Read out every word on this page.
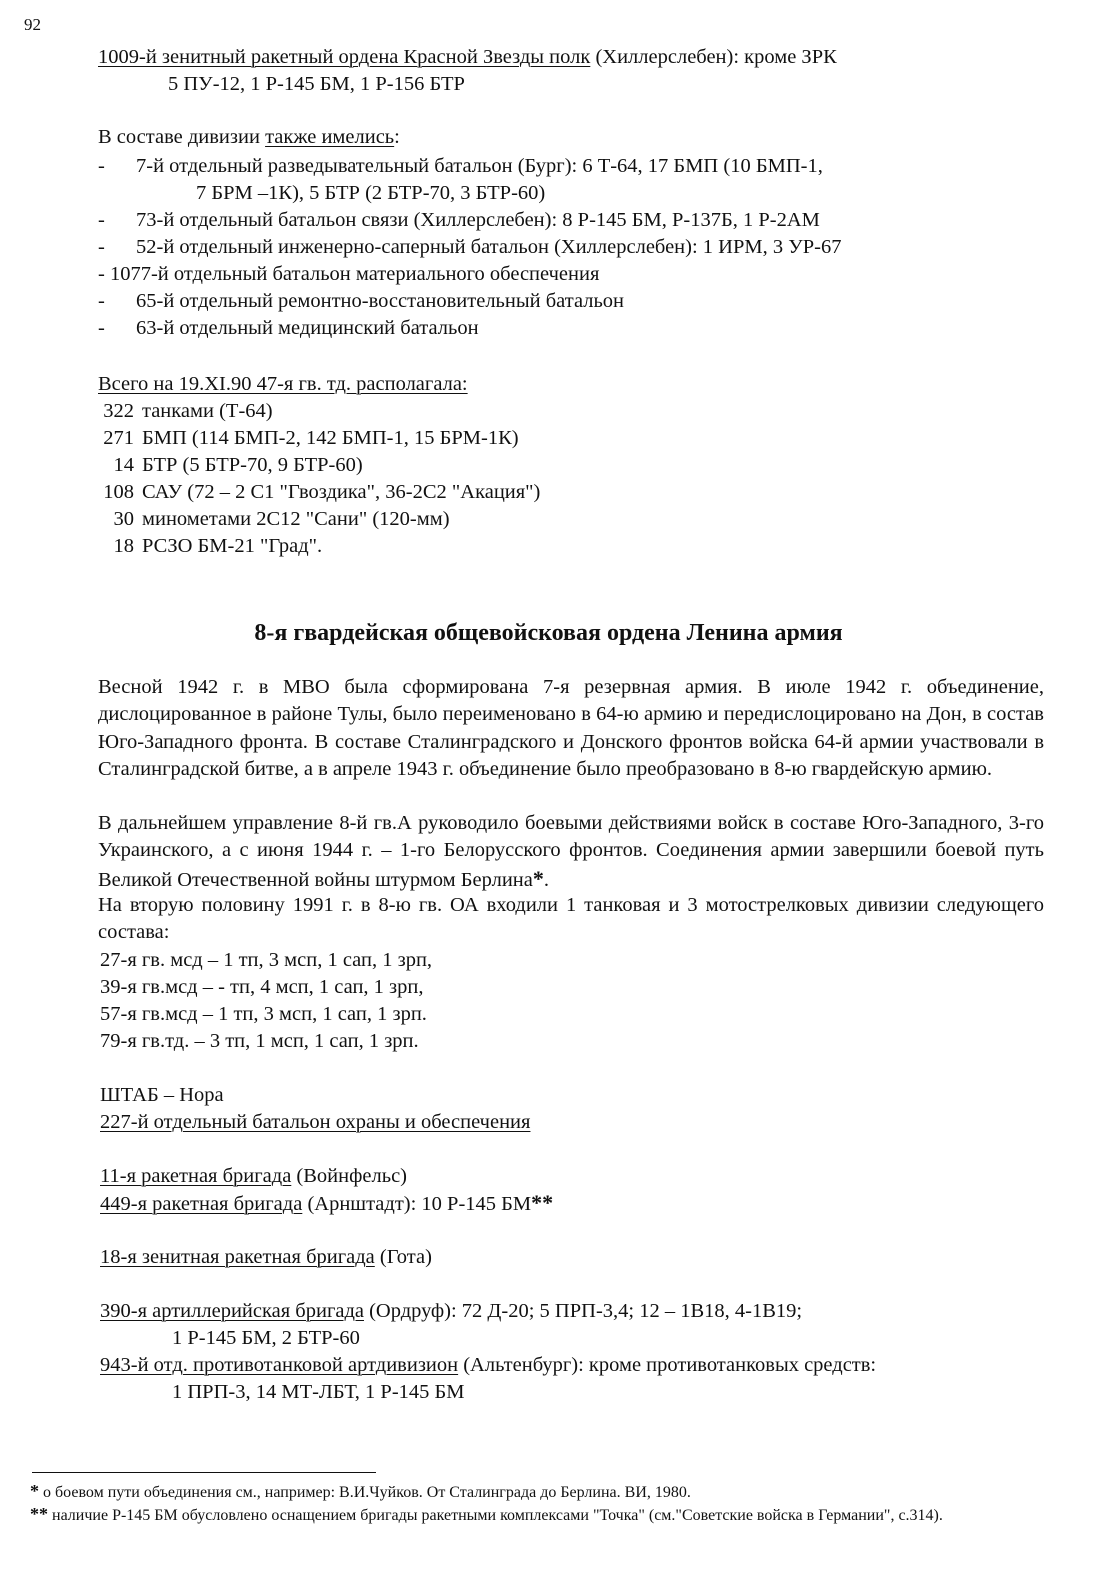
92
1009-й зенитный ракетный ордена Красной Звезды полк (Хиллерслебен): кроме ЗРК
5 ПУ-12, 1 Р-145 БМ, 1 Р-156 БТР
В составе дивизии также имелись:
- 7-й отдельный разведывательный батальон (Бург): 6 Т-64, 17 БМП (10 БМП-1,
7 БРМ –1К), 5 БТР (2 БТР-70, 3 БТР-60)
- 73-й отдельный батальон связи (Хиллерслебен): 8 Р-145 БМ, Р-137Б, 1 Р-2АМ
- 52-й отдельный инженерно-саперный батальон (Хиллерслебен): 1 ИРМ, 3 УР-67
- 1077-й отдельный батальон материального обеспечения
- 65-й отдельный ремонтно-восстановительный батальон
- 63-й отдельный медицинский батальон
Всего на 19.XI.90 47-я гв. тд. располагала:
322 танками (Т-64)
271 БМП (114 БМП-2, 142 БМП-1, 15 БРМ-1К)
14 БТР (5 БТР-70, 9 БТР-60)
108 САУ (72 – 2 С1 "Гвоздика", 36-2С2 "Акация")
30 минометами 2С12 "Сани" (120-мм)
18 РСЗО БМ-21 "Град".
8-я гвардейская общевойсковая ордена Ленина армия
Весной 1942 г. в МВО была сформирована 7-я резервная армия. В июле 1942 г. объединение, дислоцированное в районе Тулы, было переименовано в 64-ю армию и передислоцировано на Дон, в состав Юго-Западного фронта. В составе Сталинградского и Донского фронтов войска 64-й армии участвовали в Сталинградской битве, а в апреле 1943 г. объединение было преобразовано в 8-ю гвардейскую армию.
В дальнейшем управление 8-й гв.А руководило боевыми действиями войск в составе Юго-Западного, 3-го Украинского, а с июня 1944 г. – 1-го Белорусского фронтов. Соединения армии завершили боевой путь Великой Отечественной войны штурмом Берлина*.
На вторую половину 1991 г. в 8-ю гв. ОА входили 1 танковая и 3 мотострелковых дивизии следующего состава:
27-я гв. мсд – 1 тп, 3 мсп, 1 сап, 1 зрп,
39-я гв.мсд – - тп, 4 мсп, 1 сап, 1 зрп,
57-я гв.мсд – 1 тп, 3 мсп, 1 сап, 1 зрп.
79-я гв.тд. – 3 тп, 1 мсп, 1 сап, 1 зрп.
ШТАБ – Нора
227-й отдельный батальон охраны и обеспечения
11-я ракетная бригада (Войнфельс)
449-я ракетная бригада (Арнштадт): 10 Р-145 БМ**
18-я зенитная ракетная бригада (Гота)
390-я артиллерийская бригада (Ордруф): 72 Д-20; 5 ПРП-3,4; 12 – 1В18, 4-1В19;
1 Р-145 БМ, 2 БТР-60
943-й отд. противотанковой артдивизион (Альтенбург): кроме противотанковых средств:
1 ПРП-3, 14 МТ-ЛБТ, 1 Р-145 БМ
* о боевом пути объединения см., например: В.И.Чуйков. От Сталинграда до Берлина. ВИ, 1980.
** наличие Р-145 БМ обусловлено оснащением бригады ракетными комплексами "Точка" (см."Советские войска в Германии", с.314).
